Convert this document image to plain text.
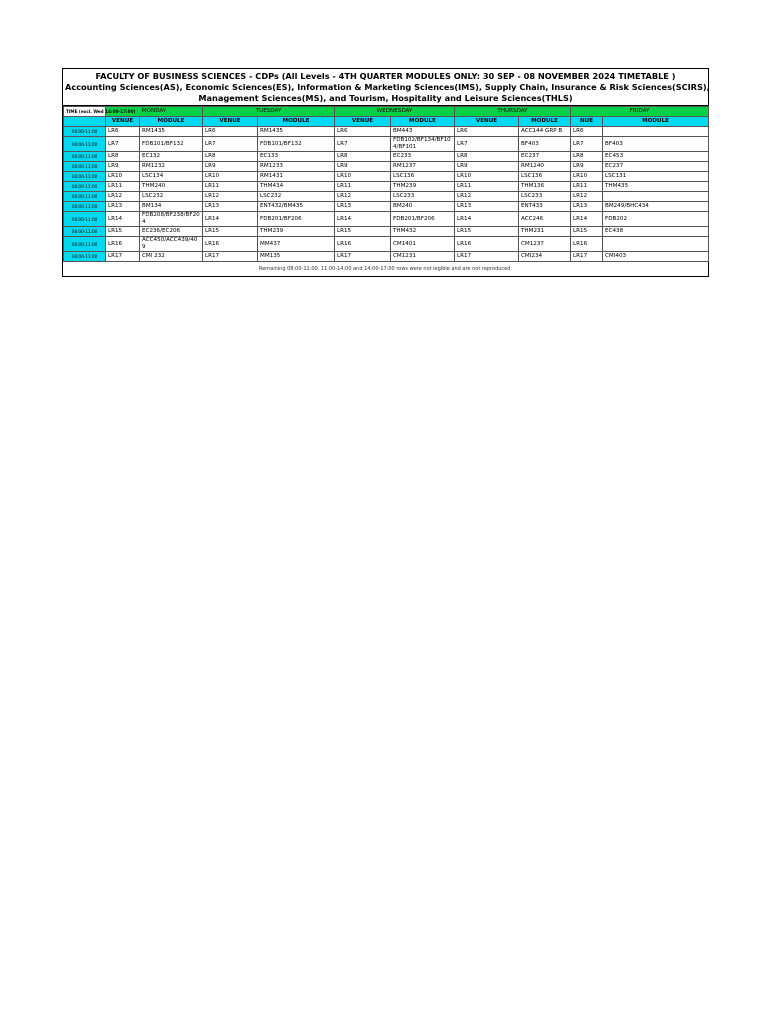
FACULTY OF BUSINESS SCIENCES - CDPs (All Levels - 4TH QUARTER MODULES ONLY: 30 SEP - 08 NOVEMBER 2024 TIMETABLE )
Accounting Sciences(AS), Economic Sciences(ES), Information & Marketing Sciences(IMS), Supply Chain, Insurance & Risk Sciences(SCIRS),
Management Sciences(MS), and Tourism, Hospitality and Leisure Sciences(THLS)
TIME (excl. Wed 14:00-17:00)	MONDAY		TUESDAY		WEDNESDAY		THURSDAY		FRIDAY	
	VENUE	MODULE	VENUE	MODULE	VENUE	MODULE	VENUE	MODULE	NUE	MODULE
08:00-11:00	LR6	RM1435	LR6	RM1435	LR6	BM443	LR6	ACC144 GRP B	LR6	
08:00-11:00	LR7	FDB101/BF132	LR7	FDB101/BF132	LR7	FDB102/BF134/BF104/BF101	LR7	BF403	LR7	BF403
08:00-11:00	LR8	EC132	LR8	EC133	LR8	EC233	LR8	EC237	LR8	EC453
08:00-11:00	LR9	RM1232	LR9	RM1233	LR9	RM1237	LR9	RM1240	LR9	EC237
08:00-11:00	LR10	LSC134	LR10	RM1431	LR10	LSC136	LR10	LSC136	LR10	LSC131
08:00-11:00	LR11	THM240	LR11	THM434	LR11	THM239	LR11	THM136	LR11	THM435
08:00-11:00	LR12	LSC232	LR12	LSC232	LR12	LSC233	LR12	LSC233	LR12	
08:00-11:00	LR13	BM134	LR13	ENT432/BM435	LR13	BM240	LR13	ENT433	LR13	BM249/BHC434
08:00-11:00	LR14	FDB208/BF238/BF204	LR14	FDB201/BF206	LR14	FDB201/BF206	LR14	ACC246	LR14	FDB202
08:00-11:00	LR15	EC236/EC206	LR15	THM239	LR15	THM432	LR15	THM231	LR15	EC438
08:00-11:00	LR16	ACC450/ACC439/409	LR16	MM437	LR16	CM1401	LR16	CM1237	LR16	
08:00-11:00	LR17	CMI 232	LR17	MM135	LR17	CM1231	LR17	CMI234	LR17	CMI403
Remaining 08:00-11:00, 11:00-14:00 and 14:00-17:00 rows were not legible and are not reproduced.
